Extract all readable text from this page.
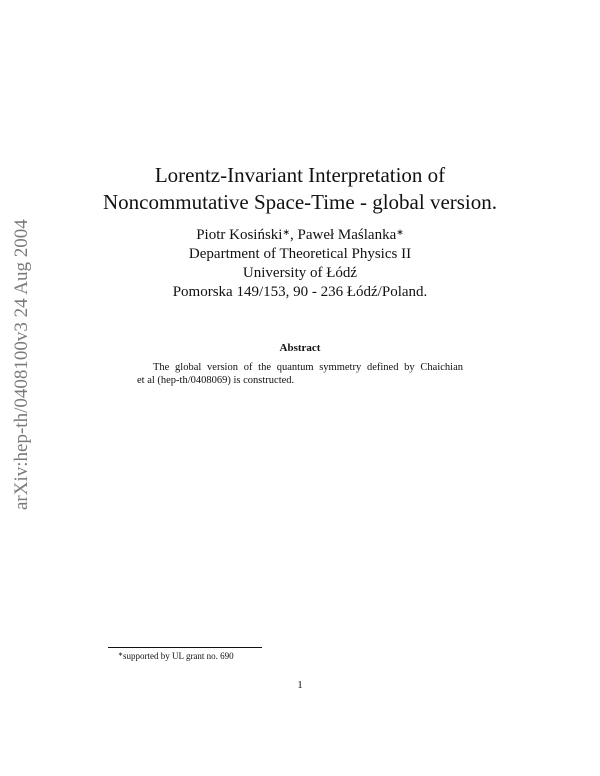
arXiv:hep-th/0408100v3 24 Aug 2004
Lorentz-Invariant Interpretation of
Noncommutative Space-Time - global version.
Piotr Kosiński∗, Paweł Maślanka∗
Department of Theoretical Physics II
University of Łódź
Pomorska 149/153, 90 - 236 Łódź/Poland.
Abstract
The global version of the quantum symmetry defined by Chaichian
et al (hep-th/0408069) is constructed.
∗supported by UL grant no. 690
1
